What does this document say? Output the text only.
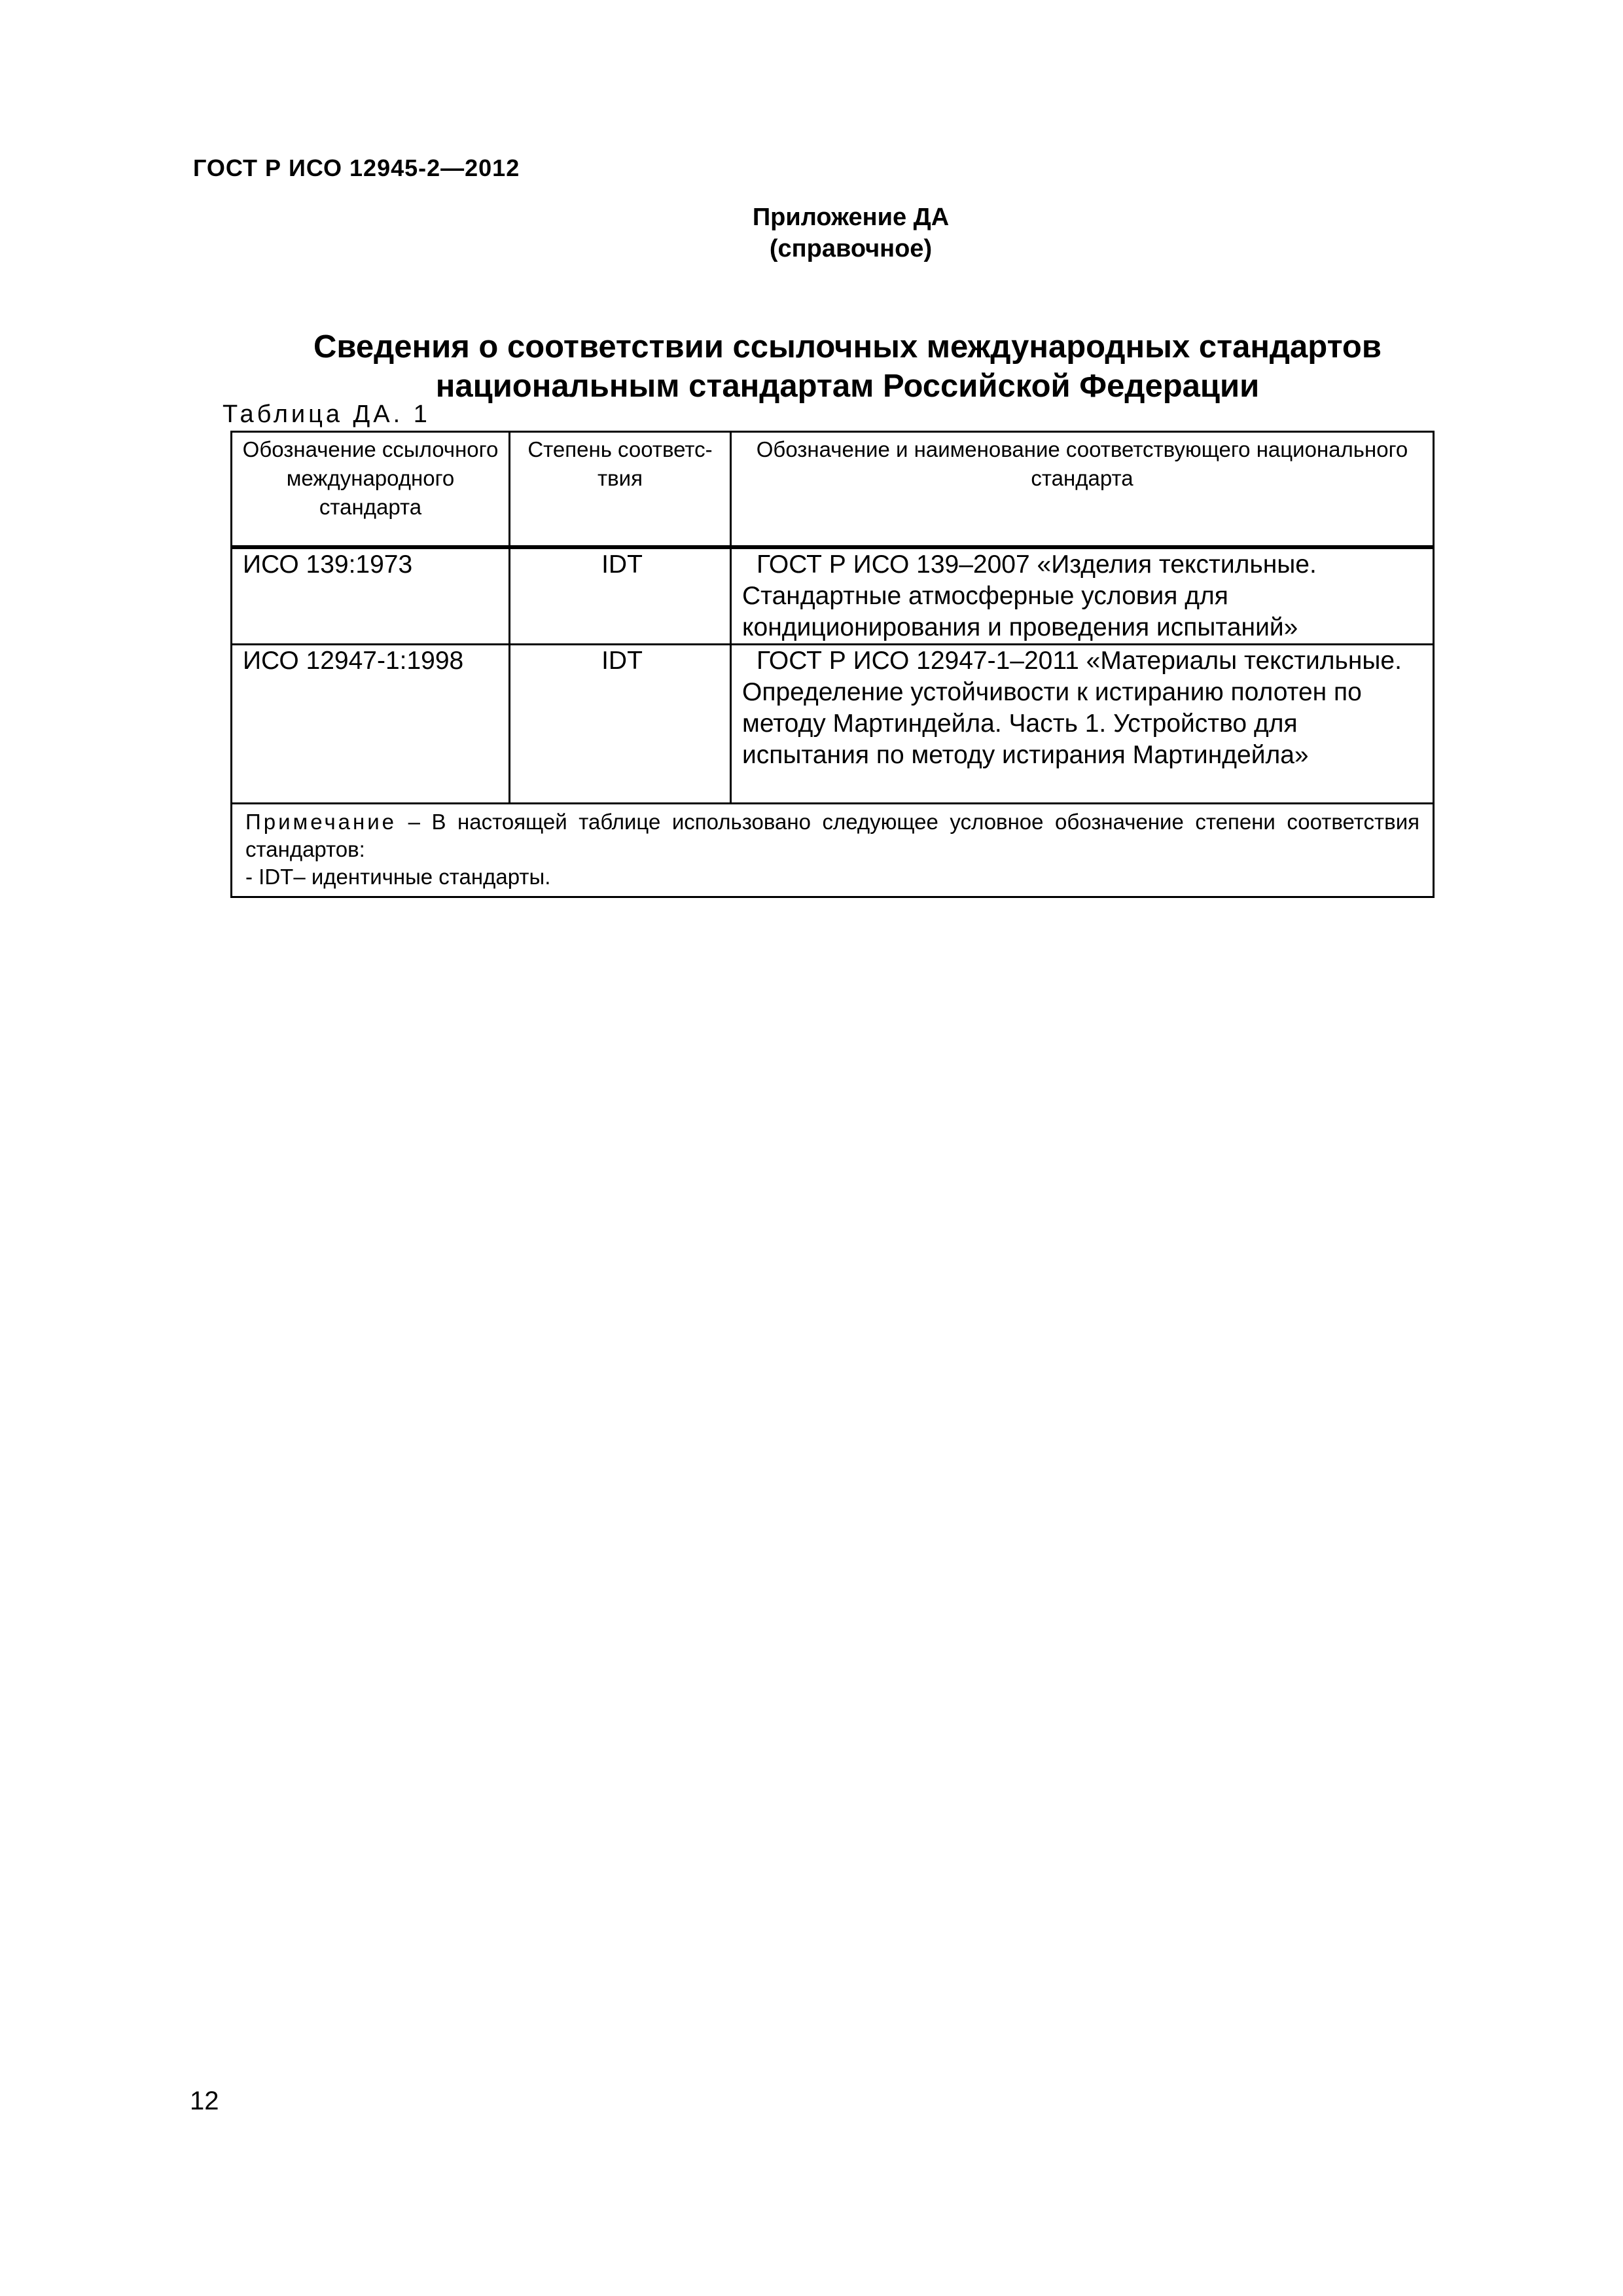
ГОСТ Р ИСО 12945-2—2012
Приложение ДА
(справочное)
Сведения о соответствии ссылочных международных стандартов
национальным стандартам Российской Федерации
Таблица ДА. 1
Обозначение ссылочного международного стандарта	Степень соответс-твия	Обозначение и наименование соответствующего национального стандарта

ИСО 139:1973	IDT	ГОСТ Р ИСО 139–2007 «Изделия текстильные. Стандартные атмосферные условия для кондиционирования и проведения испытаний»

ИСО 12947-1:1998	IDT	ГОСТ Р ИСО 12947-1–2011 «Материалы текстильные. Определение устойчивости к истиранию полотен по методу Мартиндейла. Часть 1. Устройство для испытания по методу истирания Мартиндейла»

Примечание – В настоящей таблице использовано следующее условное обозначение степени соответствия стандартов:
- IDT– идентичные стандарты.		
12
